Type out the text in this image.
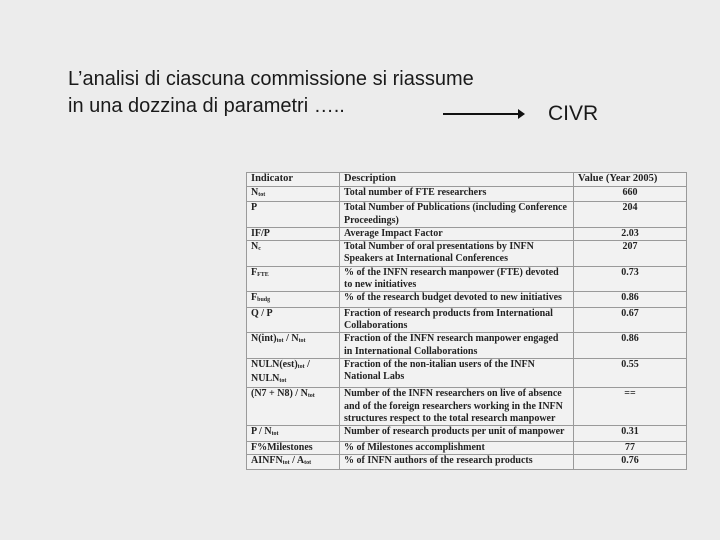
L’analisi di ciascuna commissione si riassume
in una dozzina di parametri …..	CIVR
Indicator	Description	Value (Year 2005)
$N_{tot}$	Total number of FTE researchers	660
P	Total Number of Publications (including Conference Proceedings)	204
IF/P	Average Impact Factor	2.03
$N_c$	Total Number of oral presentations by INFN Speakers at International Conferences	207
$F_{FTE}$	% of the INFN research manpower (FTE) devoted to new initiatives	0.73
$F_{budg}$	% of the research budget devoted to new initiatives	0.86
Q / P	Fraction of research products from International Collaborations	0.67
$N(int)_{tot} / N_{tot}$	Fraction of the INFN research manpower engaged in International Collaborations	0.86
$NULN(est)_{tot}$ / $NULN_{tot}$	Fraction of the non-italian users of the INFN National Labs	0.55
$(N7 + N8) / N_{tot}$	Number of the INFN researchers on live of absence and of the foreign researchers working in the INFN structures respect to the total research manpower	==
P / $N_{tot}$	Number of research products per unit of manpower	0.31
F%Milestones	% of Milestones accomplishment	77
$AINFN_{tot} / A_{tot}$	% of INFN authors of the research products	0.76
